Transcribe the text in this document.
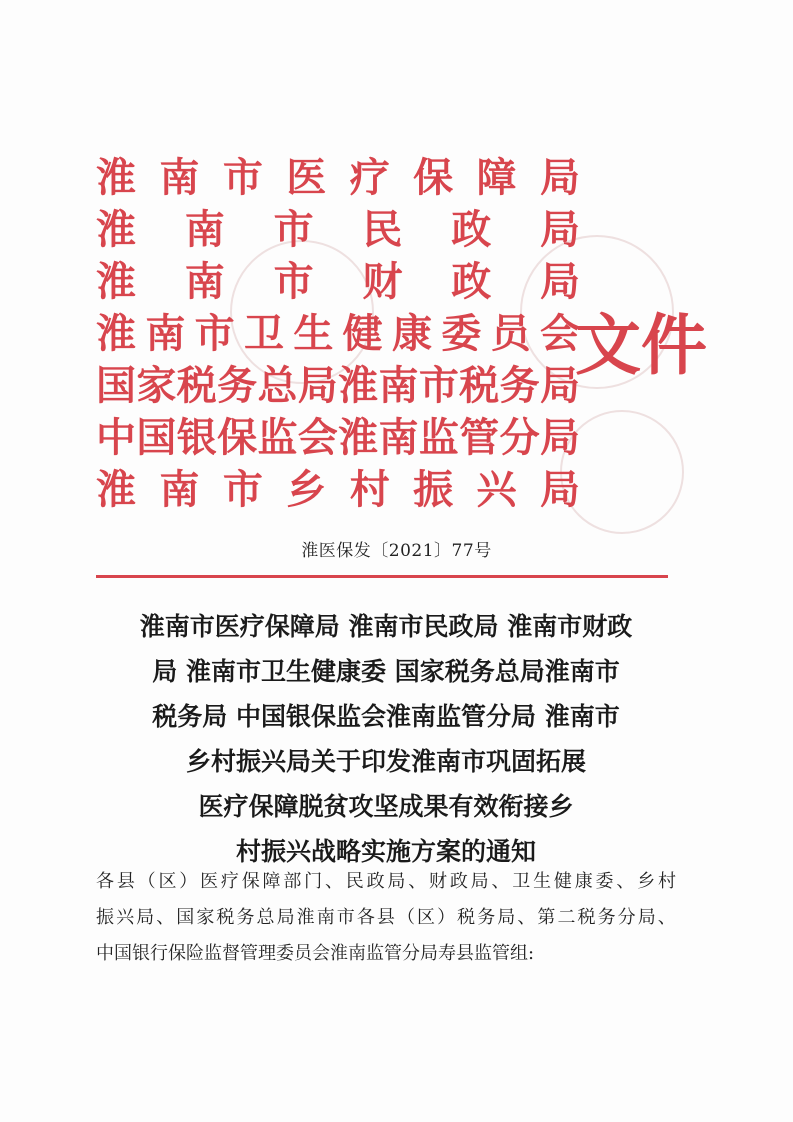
淮 南 市 医 疗 保 障 局
淮 南 市 民 政 局
淮 南 市 财 政 局
淮 南 市 卫 生 健 康 委 员 会
国 家 税 务 总 局 淮 南 市 税 务 局
中 国 银 保 监 会 淮 南 监 管 分 局
淮 南 市 乡 村 振 兴 局
文件
淮医保发〔2021〕77号
淮南市医疗保障局 淮南市民政局 淮南市财政
局 淮南市卫生健康委 国家税务总局淮南市
税务局 中国银保监会淮南监管分局 淮南市
乡村振兴局关于印发淮南市巩固拓展
医疗保障脱贫攻坚成果有效衔接乡
村振兴战略实施方案的通知
各 县 （ 区 ） 医 疗 保 障 部 门 、 民 政 局 、 财 政 局 、 卫 生 健 康 委 、 乡 村
振 兴 局 、 国 家 税 务 总 局 淮 南 市 各 县 （ 区 ） 税 务 局 、 第 二 税 务 分 局 、
中国银行保险监督管理委员会淮南监管分局寿县监管组:
